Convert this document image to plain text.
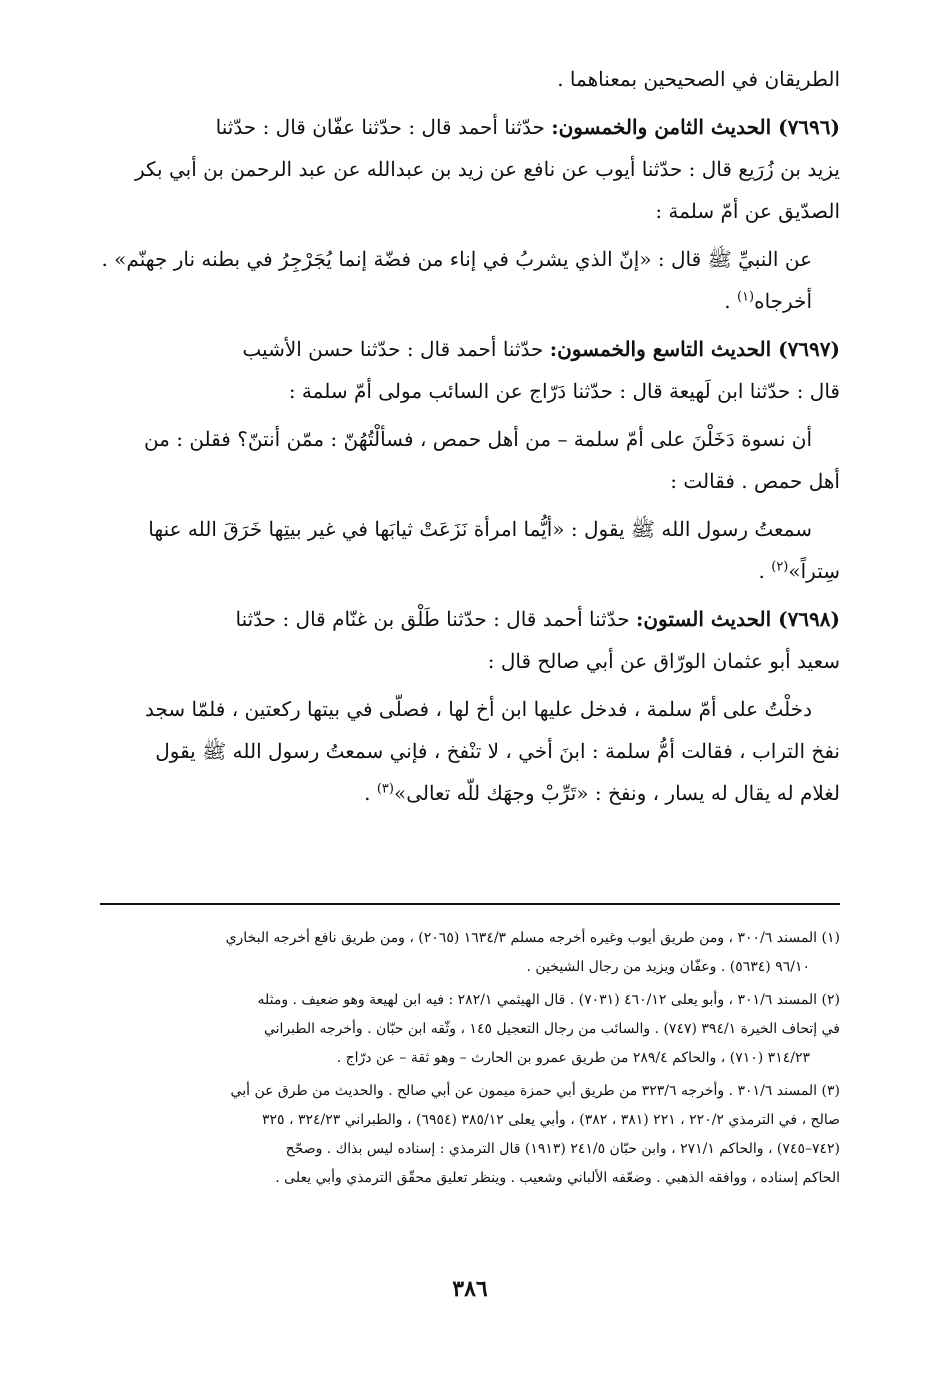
الطريقان في الصحيحين بمعناهما .
(٧٦٩٦) الحديث الثامن والخمسون: حدّثنا أحمد قال : حدّثنا عفّان قال : حدّثنا
يزيد بن زُرَيع قال : حدّثنا أيوب عن نافع عن زيد بن عبدالله عن عبد الرحمن بن أبي بكر
الصدّيق عن أمّ سلمة :
عن النبيِّ ﷺ قال : «إنّ الذي يشربُ في إناء من فضّة إنما يُجَرْجِرُ في بطنه نار جهنّم» .
أخرجاه$^{(١)}$ .
(٧٦٩٧) الحديث التاسع والخمسون: حدّثنا أحمد قال : حدّثنا حسن الأشيب
قال : حدّثنا ابن لَهيعة قال : حدّثنا دَرّاج عن السائب مولى أمّ سلمة :
أن نسوة دَخَلْنَ على أمّ سلمة – من أهل حمص ، فسألْتُهُنّ : ممّن أنتنّ؟ فقلن : من
أهل حمص . فقالت :
سمعتُ رسول الله ﷺ يقول : «أيُّما امرأة نَزَعَتْ ثيابَها في غير بيتِها خَرَقَ الله عنها
سِتراً»$^{(٢)}$ .
(٧٦٩٨) الحديث الستون: حدّثنا أحمد قال : حدّثنا طَلْق بن غنّام قال : حدّثنا
سعيد أبو عثمان الورّاق عن أبي صالح قال :
دخلْتُ على أمّ سلمة ، فدخل عليها ابن أخ لها ، فصلّى في بيتها ركعتين ، فلمّا سجد
نفخ التراب ، فقالت أمُّ سلمة : ابنَ أخي ، لا تنْفخ ، فإني سمعتُ رسول الله ﷺ يقول
لغلام له يقال له يسار ، ونفخ : «تَرِّبْ وجهَك للّه تعالى»$^{(٣)}$ .
(١) المسند ٣٠٠/٦ ، ومن طريق أيوب وغيره أخرجه مسلم ١٦٣٤/٣ (٢٠٦٥) ، ومن طريق نافع أخرجه البخاري
٩٦/١٠ (٥٦٣٤) . وعفّان ويزيد من رجال الشيخين .
(٢) المسند ٣٠١/٦ ، وأبو يعلى ٤٦٠/١٢ (٧٠٣١) . قال الهيثمي ٢٨٢/١ : فيه ابن لهيعة وهو ضعيف . ومثله
في إتحاف الخيرة ٣٩٤/١ (٧٤٧) . والسائب من رجال التعجيل ١٤٥ ، وثّقه ابن حبّان . وأخرجه الطبراني
٣١٤/٢٣ (٧١٠) ، والحاكم ٢٨٩/٤ من طريق عمرو بن الحارث – وهو ثقة – عن درّاج .
(٣) المسند ٣٠١/٦ . وأخرجه ٣٢٣/٦ من طريق أبي حمزة ميمون عن أبي صالح . والحديث من طرق عن أبي
صالح ، في الترمذي ٢٢٠/٢ ، ٢٢١ (٣٨١ ، ٣٨٢) ، وأبي يعلى ٣٨٥/١٢ (٦٩٥٤) ، والطبراني ٣٢٤/٢٣ ، ٣٢٥
(٧٤٢–٧٤٥) ، والحاكم ٢٧١/١ ، وابن حبّان ٢٤١/٥ (١٩١٣) قال الترمذي : إسناده ليس بذاك . وصحّح
الحاكم إسناده ، ووافقه الذهبي . وضعّفه الألباني وشعيب . وينظر تعليق محقّق الترمذي وأبي يعلى .
٣٨٦
